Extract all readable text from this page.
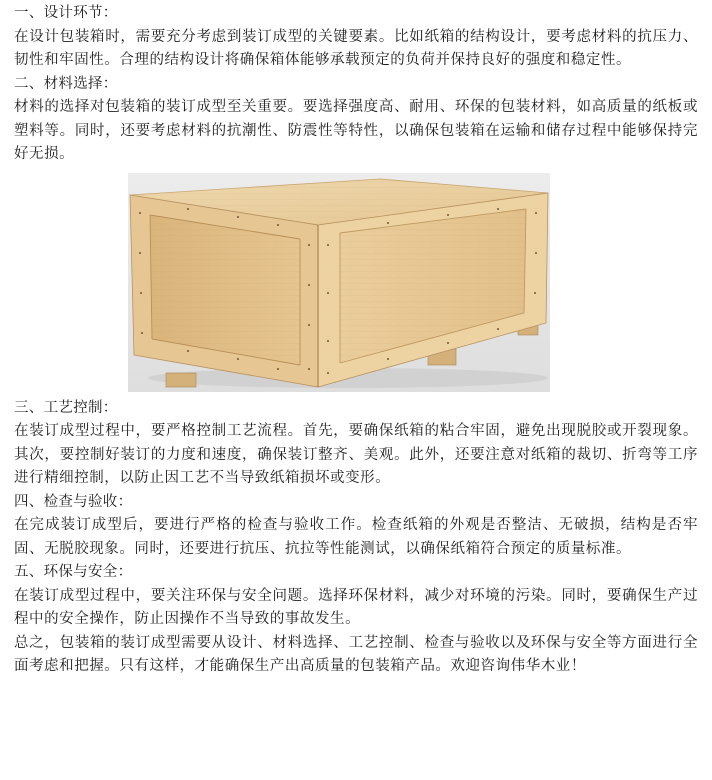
一、设计环节：
在设计包装箱时，需要充分考虑到装订成型的关键要素。比如纸箱的结构设计，要考虑材料的抗压力、韧性和牢固性。合理的结构设计将确保箱体能够承载预定的负荷并保持良好的强度和稳定性。
二、材料选择：
材料的选择对包装箱的装订成型至关重要。要选择强度高、耐用、环保的包装材料，如高质量的纸板或塑料等。同时，还要考虑材料的抗潮性、防震性等特性，以确保包装箱在运输和储存过程中能够保持完好无损。
三、工艺控制：
在装订成型过程中，要严格控制工艺流程。首先，要确保纸箱的粘合牢固，避免出现脱胶或开裂现象。其次，要控制好装订的力度和速度，确保装订整齐、美观。此外，还要注意对纸箱的裁切、折弯等工序进行精细控制，以防止因工艺不当导致纸箱损坏或变形。
四、检查与验收：
在完成装订成型后，要进行严格的检查与验收工作。检查纸箱的外观是否整洁、无破损，结构是否牢固、无脱胶现象。同时，还要进行抗压、抗拉等性能测试，以确保纸箱符合预定的质量标准。
五、环保与安全：
在装订成型过程中，要关注环保与安全问题。选择环保材料，减少对环境的污染。同时，要确保生产过程中的安全操作，防止因操作不当导致的事故发生。
总之，包装箱的装订成型需要从设计、材料选择、工艺控制、检查与验收以及环保与安全等方面进行全面考虑和把握。只有这样，才能确保生产出高质量的包装箱产品。欢迎咨询伟华木业！
